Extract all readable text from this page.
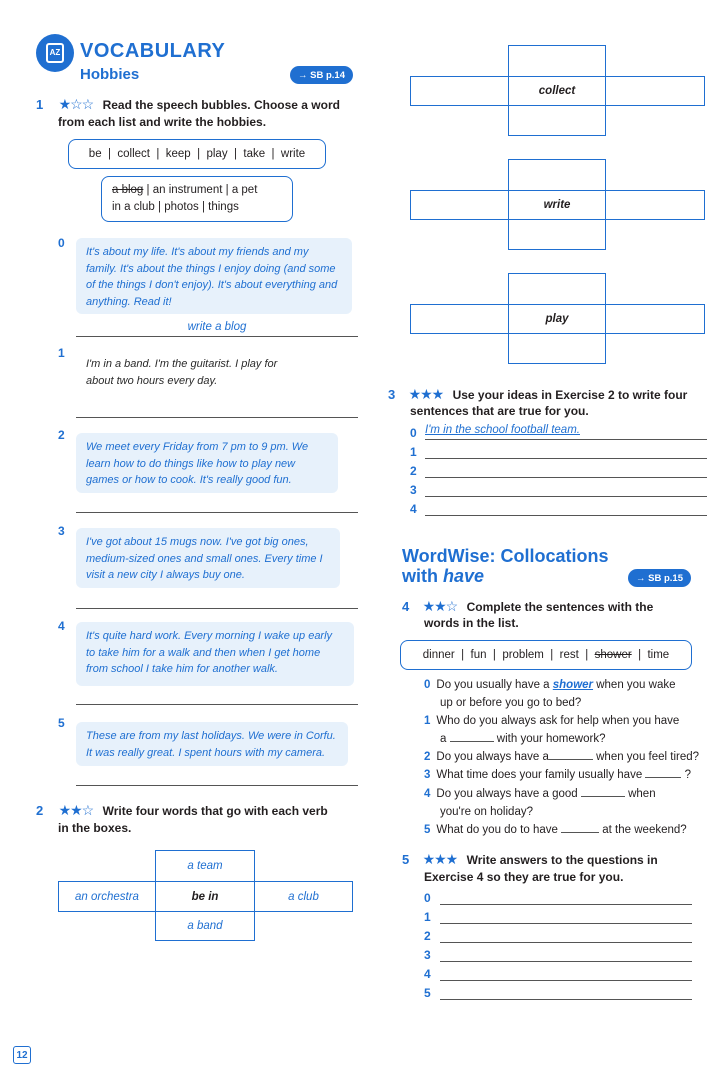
AZ VOCABULARY
Hobbies	→ SB p.14
1 ★☆☆ Read the speech bubbles. Choose a word
from each list and write the hobbies.
be | collect | keep | play | take | write
a blog | an instrument | a pet
in a club | photos | things
0
It's about my life. It's about my friends and my family. It's about the things I enjoy doing (and some of the things I don't enjoy). It's about everything and anything. Read it!
write a blog
1
I'm in a band. I'm the guitarist. I play for about two hours every day.
2
We meet every Friday from 7 pm to 9 pm. We learn how to do things like how to play new games or how to cook. It's really good fun.
3
I've got about 15 mugs now. I've got big ones, medium-sized ones and small ones. Every time I visit a new city I always buy one.
4
It's quite hard work. Every morning I wake up early to take him for a walk and then when I get home from school I take him for another walk.
5
These are from my last holidays. We were in Corfu. It was really great. I spent hours with my camera.
2 ★★☆ Write four words that go with each verb
in the boxes.
a team
an orchestra	be in	a club
a band
collect
write
play
3 ★★★ Use your ideas in Exercise 2 to write four
sentences that are true for you.
0 I'm in the school football team.
1
2
3
4
WordWise: Collocations
with have	→ SB p.15
4 ★★☆ Complete the sentences with the
words in the list.
dinner | fun | problem | rest | shower | time
0 Do you usually have a shower when you wake
up or before you go to bed?
1 Who do you always ask for help when you have
a	with your homework?
2 Do you always have a	when you feel tired?
3 What time does your family usually have	?
4 Do you always have a good	when
you're on holiday?
5 What do you do to have	at the weekend?
5 ★★★ Write answers to the questions in
Exercise 4 so they are true for you.
0
1
2
3
4
5
12
